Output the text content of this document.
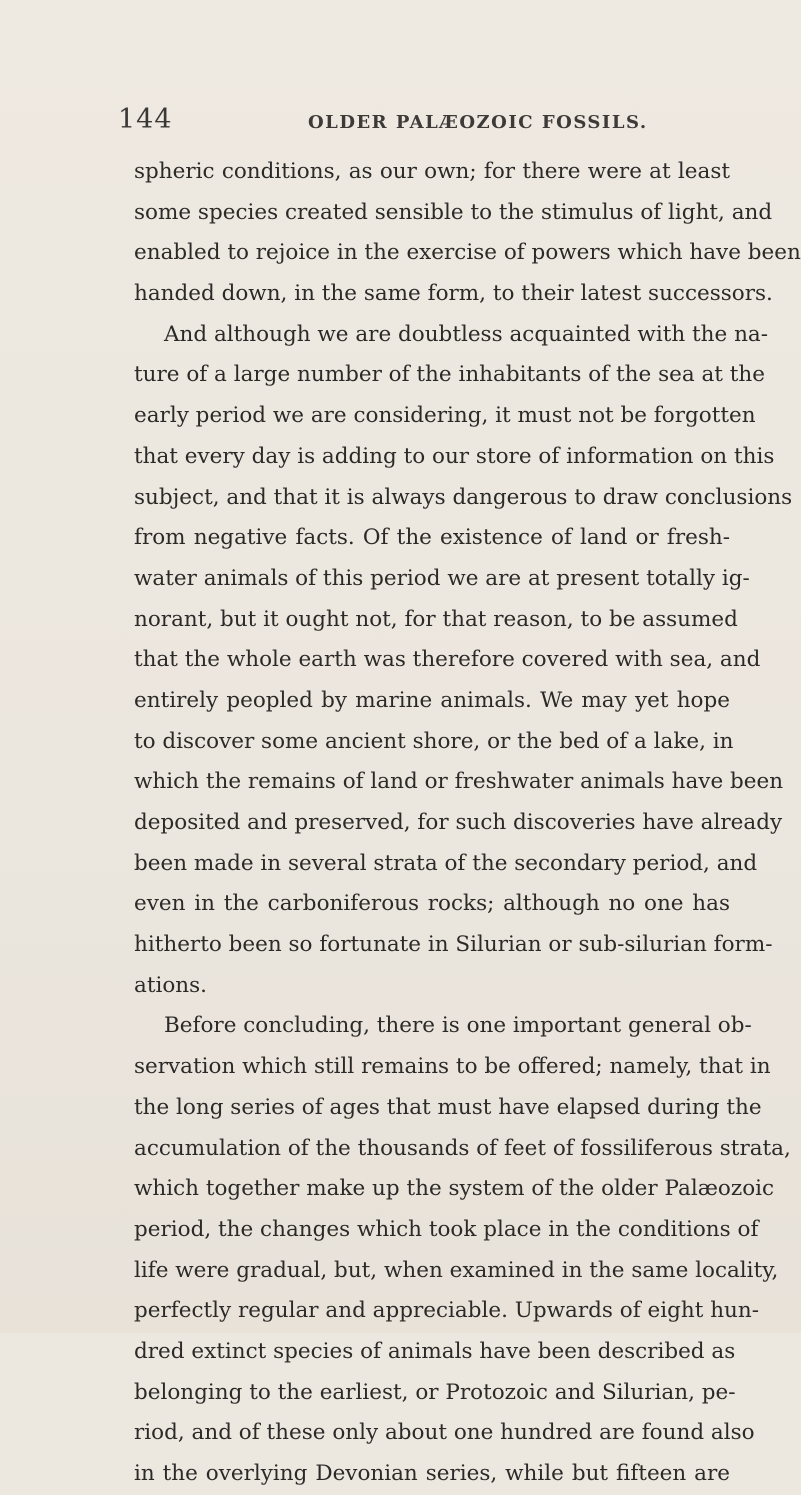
144	OLDER PALÆOZOIC FOSSILS.
spheric conditions, as our own; for there were at least
some species created sensible to the stimulus of light, and
enabled to rejoice in the exercise of powers which have been
handed down, in the same form, to their latest successors.
And although we are doubtless acquainted with the na-
ture of a large number of the inhabitants of the sea at the
early period we are considering, it must not be forgotten
that every day is adding to our store of information on this
subject, and that it is always dangerous to draw conclusions
from negative facts. Of the existence of land or fresh-
water animals of this period we are at present totally ig-
norant, but it ought not, for that reason, to be assumed
that the whole earth was therefore covered with sea, and
entirely peopled by marine animals. We may yet hope
to discover some ancient shore, or the bed of a lake, in
which the remains of land or freshwater animals have been
deposited and preserved, for such discoveries have already
been made in several strata of the secondary period, and
even in the carboniferous rocks; although no one has
hitherto been so fortunate in Silurian or sub-silurian form-
ations.
Before concluding, there is one important general ob-
servation which still remains to be offered; namely, that in
the long series of ages that must have elapsed during the
accumulation of the thousands of feet of fossiliferous strata,
which together make up the system of the older Palæozoic
period, the changes which took place in the conditions of
life were gradual, but, when examined in the same locality,
perfectly regular and appreciable. Upwards of eight hun-
dred extinct species of animals have been described as
belonging to the earliest, or Protozoic and Silurian, pe-
riod, and of these only about one hundred are found also
in the overlying Devonian series, while but fifteen are
